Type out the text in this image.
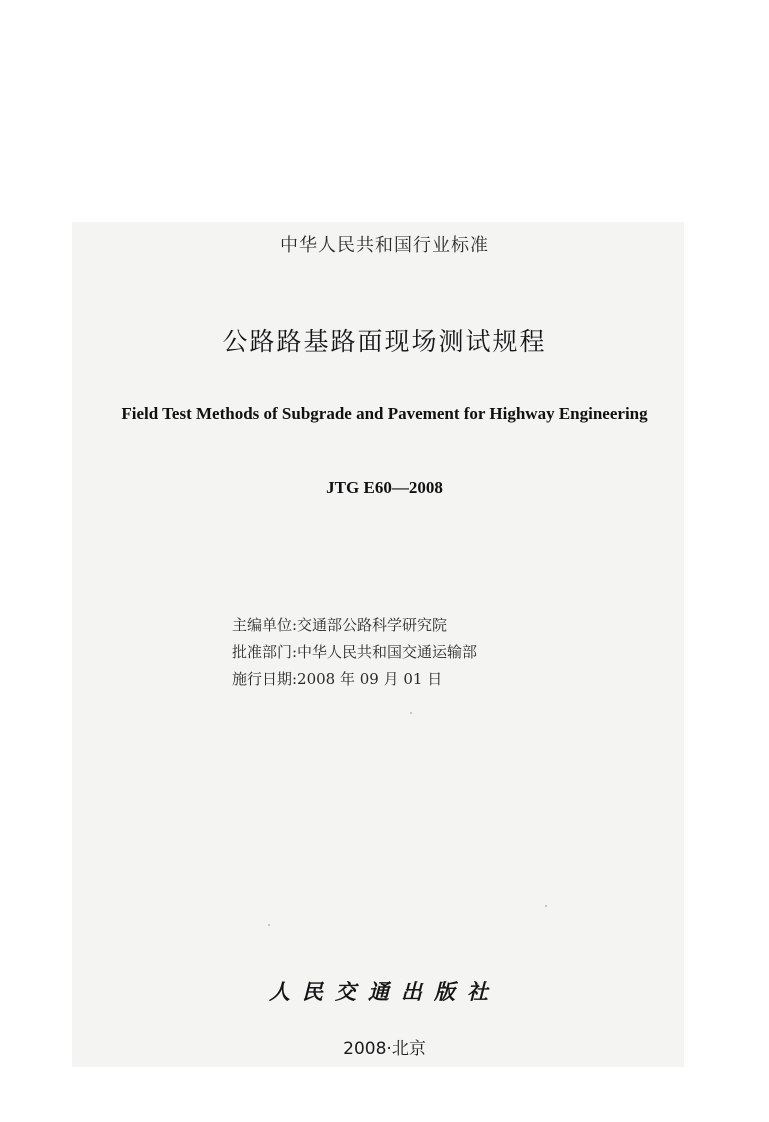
中华人民共和国行业标准
公路路基路面现场测试规程
Field Test Methods of Subgrade and Pavement for Highway Engineering
JTG E60—2008
主编单位:交通部公路科学研究院
批准部门:中华人民共和国交通运输部
施行日期:2008 年 09 月 01 日
人民交通出版社
2008·北京
